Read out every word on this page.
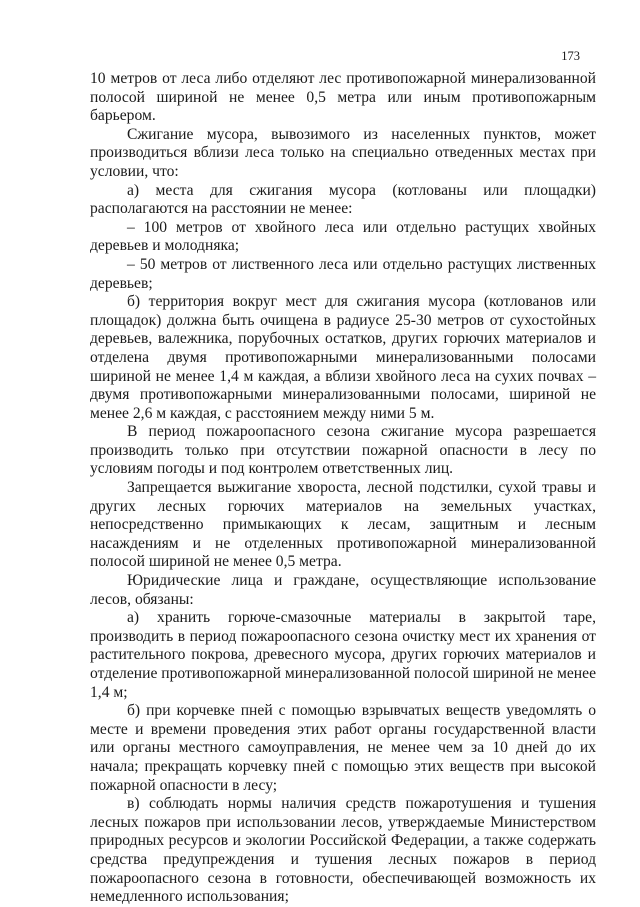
173

10 метров от леса либо отделяют лес противопожарной минерализованной полосой шириной не менее 0,5 метра или иным противопожарным барьером.

Сжигание мусора, вывозимого из населенных пунктов, может производиться вблизи леса только на специально отведенных местах при условии, что:

а) места для сжигания мусора (котлованы или площадки) располагаются на расстоянии не менее:

– 100 метров от хвойного леса или отдельно растущих хвойных деревьев и молодняка;

– 50 метров от лиственного леса или отдельно растущих лиственных деревьев;

б) территория вокруг мест для сжигания мусора (котлованов или площадок) должна быть очищена в радиусе 25-30 метров от сухостойных деревьев, валежника, порубочных остатков, других горючих материалов и отделена двумя противопожарными минерализованными полосами шириной не менее 1,4 м каждая, а вблизи хвойного леса на сухих почвах – двумя противопожарными минерализованными полосами, шириной не менее 2,6 м каждая, с расстоянием между ними 5 м.

В период пожароопасного сезона сжигание мусора разрешается производить только при отсутствии пожарной опасности в лесу по условиям погоды и под контролем ответственных лиц.

Запрещается выжигание хвороста, лесной подстилки, сухой травы и других лесных горючих материалов на земельных участках, непосредственно примыкающих к лесам, защитным и лесным насаждениям и не отделенных противопожарной минерализованной полосой шириной не менее 0,5 метра.

Юридические лица и граждане, осуществляющие использование лесов, обязаны:

а) хранить горюче-смазочные материалы в закрытой таре, производить в период пожароопасного сезона очистку мест их хранения от растительного покрова, древесного мусора, других горючих материалов и отделение противопожарной минерализованной полосой шириной не менее 1,4 м;

б) при корчевке пней с помощью взрывчатых веществ уведомлять о месте и времени проведения этих работ органы государственной власти или органы местного самоуправления, не менее чем за 10 дней до их начала; прекращать корчевку пней с помощью этих веществ при высокой пожарной опасности в лесу;

в) соблюдать нормы наличия средств пожаротушения и тушения лесных пожаров при использовании лесов, утверждаемые Министерством природных ресурсов и экологии Российской Федерации, а также содержать средства предупреждения и тушения лесных пожаров в период пожароопасного сезона в готовности, обеспечивающей возможность их немедленного использования;
